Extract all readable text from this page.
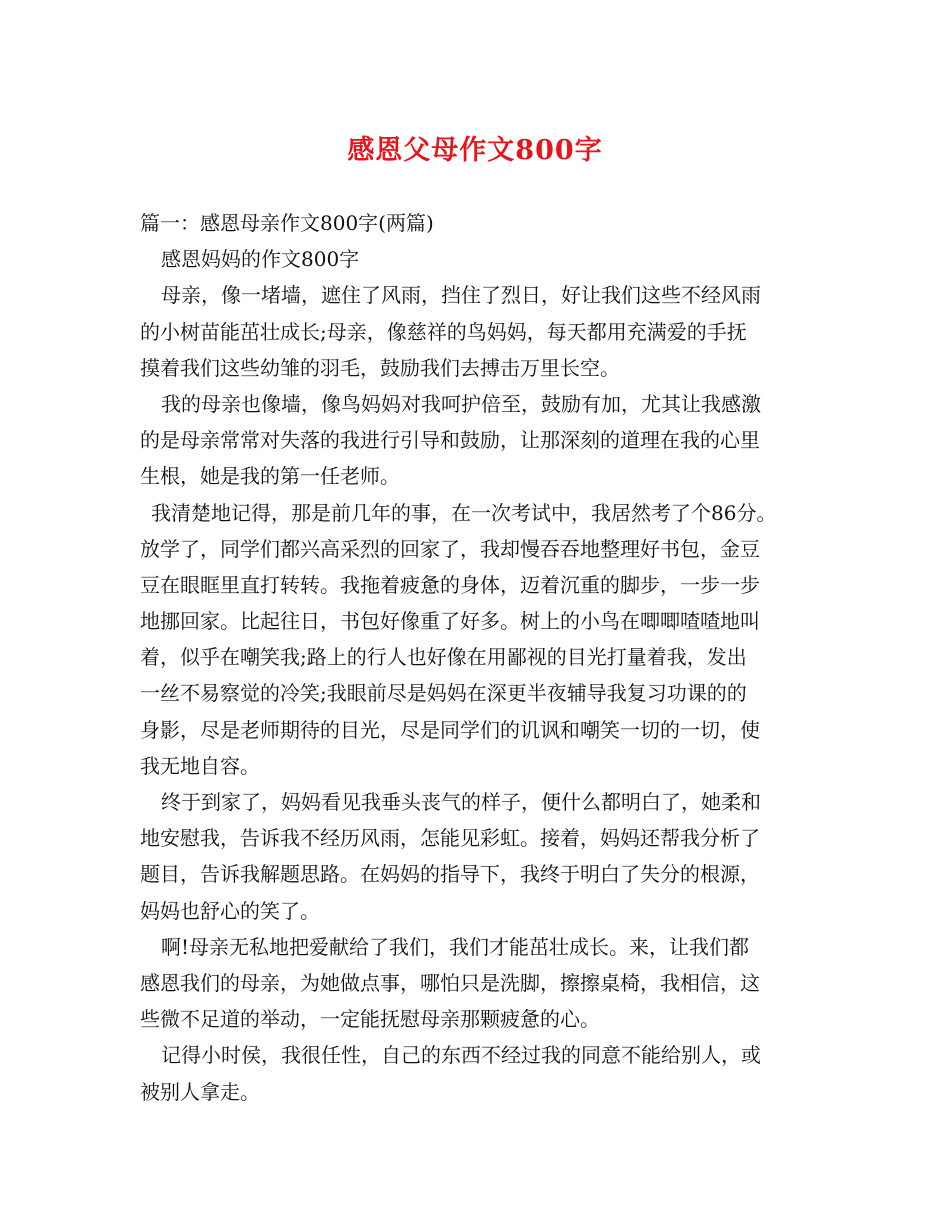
感恩父母作文800字
篇一：感恩母亲作文800字(两篇)
感恩妈妈的作文800字
母亲，像一堵墙，遮住了风雨，挡住了烈日，好让我们这些不经风雨
的小树苗能茁壮成长;母亲，像慈祥的鸟妈妈，每天都用充满爱的手抚
摸着我们这些幼雏的羽毛，鼓励我们去搏击万里长空。
我的母亲也像墙，像鸟妈妈对我呵护倍至，鼓励有加，尤其让我感激
的是母亲常常对失落的我进行引导和鼓励，让那深刻的道理在我的心里
生根，她是我的第一任老师。
我清楚地记得，那是前几年的事，在一次考试中，我居然考了个86分。
放学了，同学们都兴高采烈的回家了，我却慢吞吞地整理好书包，金豆
豆在眼眶里直打转转。我拖着疲惫的身体，迈着沉重的脚步，一步一步
地挪回家。比起往日，书包好像重了好多。树上的小鸟在唧唧喳喳地叫
着，似乎在嘲笑我;路上的行人也好像在用鄙视的目光打量着我，发出
一丝不易察觉的冷笑;我眼前尽是妈妈在深更半夜辅导我复习功课的的
身影，尽是老师期待的目光，尽是同学们的讥讽和嘲笑一切的一切，使
我无地自容。
终于到家了，妈妈看见我垂头丧气的样子，便什么都明白了，她柔和
地安慰我，告诉我不经历风雨，怎能见彩虹。接着，妈妈还帮我分析了
题目，告诉我解题思路。在妈妈的指导下，我终于明白了失分的根源，
妈妈也舒心的笑了。
啊!母亲无私地把爱献给了我们，我们才能茁壮成长。来，让我们都
感恩我们的母亲，为她做点事，哪怕只是洗脚，擦擦桌椅，我相信，这
些微不足道的举动，一定能抚慰母亲那颗疲惫的心。
记得小时侯，我很任性，自己的东西不经过我的同意不能给别人，或
被别人拿走。
